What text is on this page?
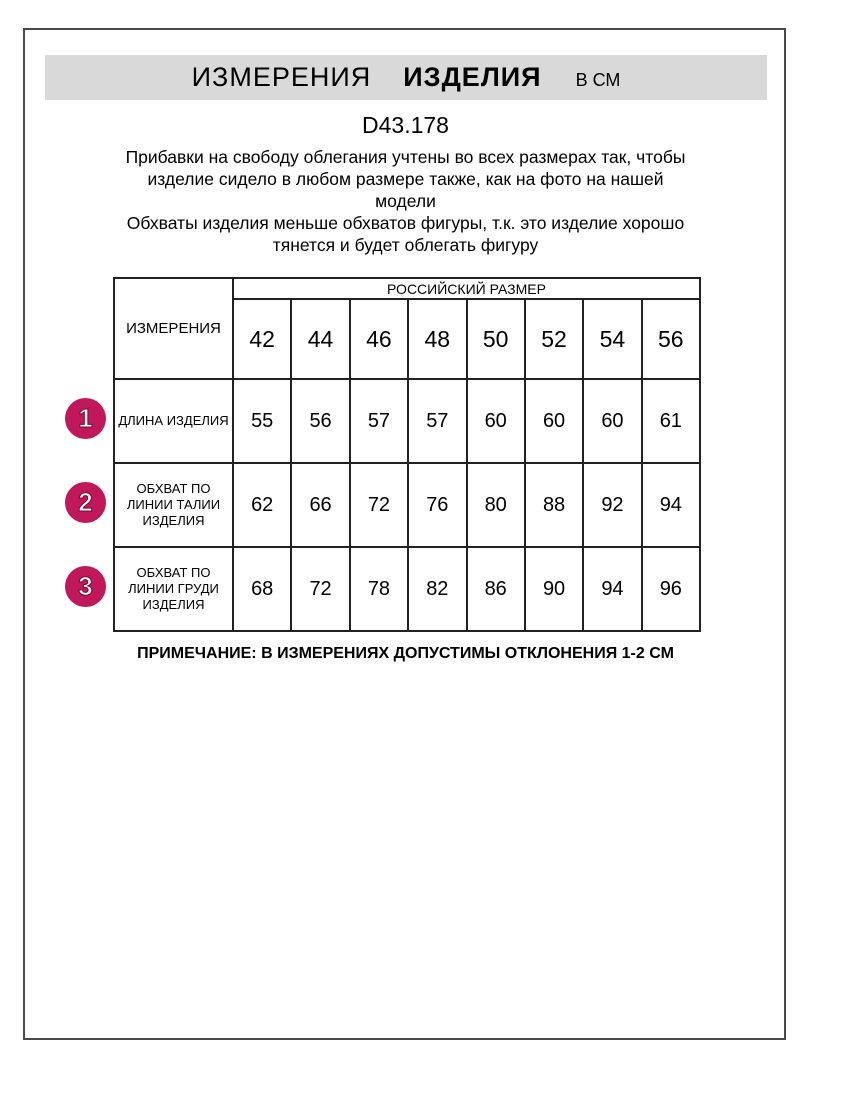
ИЗМЕРЕНИЯ ИЗДЕЛИЯ В СМ
D43.178
Прибавки на свободу облегания учтены во всех размерах так, чтобы
изделие сидело в любом размере также, как на фото на нашей
модели
Обхваты изделия меньше обхватов фигуры, т.к. это изделие хорошо
тянется и будет облегать фигуру
ИЗМЕРЕНИЯ	РОССИЙСКИЙ РАЗМЕР							
	42	44	46	48	50	52	54	56
ДЛИНА ИЗДЕЛИЯ	55	56	57	57	60	60	60	61
ОБХВАТ ПО ЛИНИИ ТАЛИИ ИЗДЕЛИЯ	62	66	72	76	80	88	92	94
ОБХВАТ ПО ЛИНИИ ГРУДИ ИЗДЕЛИЯ	68	72	78	82	86	90	94	96
1
2
3
ПРИМЕЧАНИЕ: В ИЗМЕРЕНИЯХ ДОПУСТИМЫ ОТКЛОНЕНИЯ 1-2 СМ
